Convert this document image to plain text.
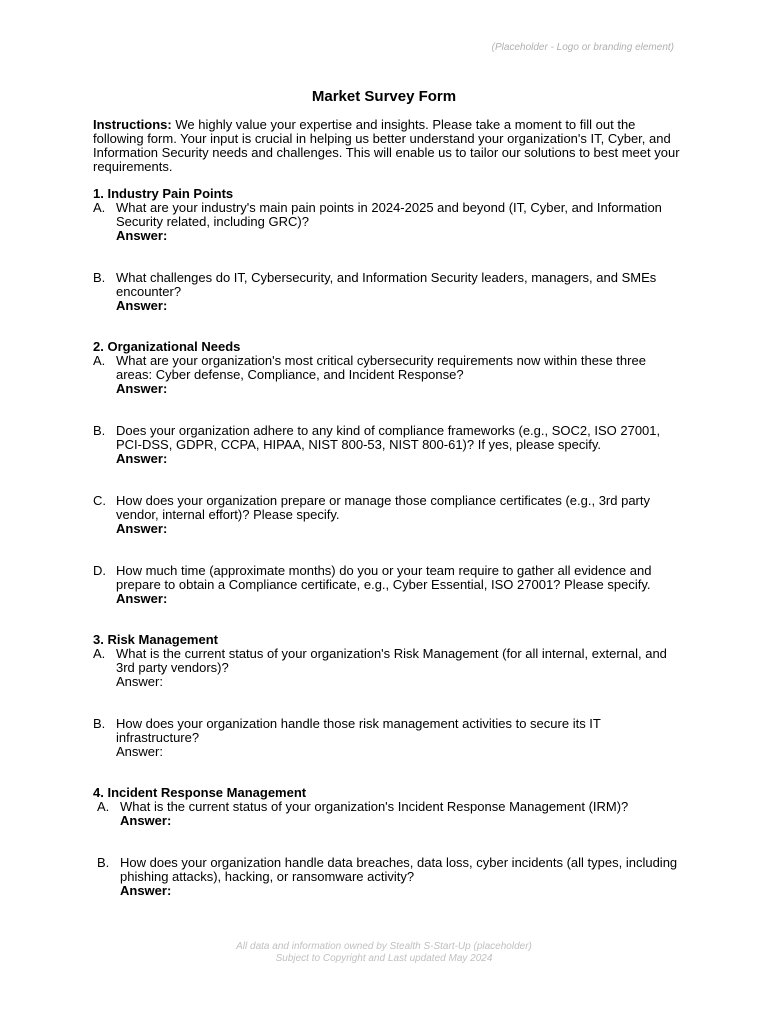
(Placeholder - Logo or branding element)
Market Survey Form

Instructions: We highly value your expertise and insights. Please take a moment to fill out the following form. Your input is crucial in helping us better understand your organization's IT, Cyber, and Information Security needs and challenges. This will enable us to tailor our solutions to best meet your requirements.

1. Industry Pain Points
A. What are your industry's main pain points in 2024-2025 and beyond (IT, Cyber, and Information Security related, including GRC)?
Answer:
B. What challenges do IT, Cybersecurity, and Information Security leaders, managers, and SMEs encounter?
Answer:
2. Organizational Needs
A. What are your organization's most critical cybersecurity requirements now within these three areas: Cyber defense, Compliance, and Incident Response?
Answer:
B. Does your organization adhere to any kind of compliance frameworks (e.g., SOC2, ISO 27001, PCI-DSS, GDPR, CCPA, HIPAA, NIST 800-53, NIST 800-61)? If yes, please specify.
Answer:
C. How does your organization prepare or manage those compliance certificates (e.g., 3rd party vendor, internal effort)? Please specify.
Answer:
D. How much time (approximate months) do you or your team require to gather all evidence and prepare to obtain a Compliance certificate, e.g., Cyber Essential, ISO 27001? Please specify.
Answer:
3. Risk Management
A. What is the current status of your organization's Risk Management (for all internal, external, and 3rd party vendors)?
Answer:
B. How does your organization handle those risk management activities to secure its IT infrastructure?
Answer:
4. Incident Response Management
A. What is the current status of your organization's Incident Response Management (IRM)?
Answer:
B. How does your organization handle data breaches, data loss, cyber incidents (all types, including phishing attacks), hacking, or ransomware activity?
Answer:
All data and information owned by Stealth S-Start-Up (placeholder)
Subject to Copyright and Last updated May 2024
